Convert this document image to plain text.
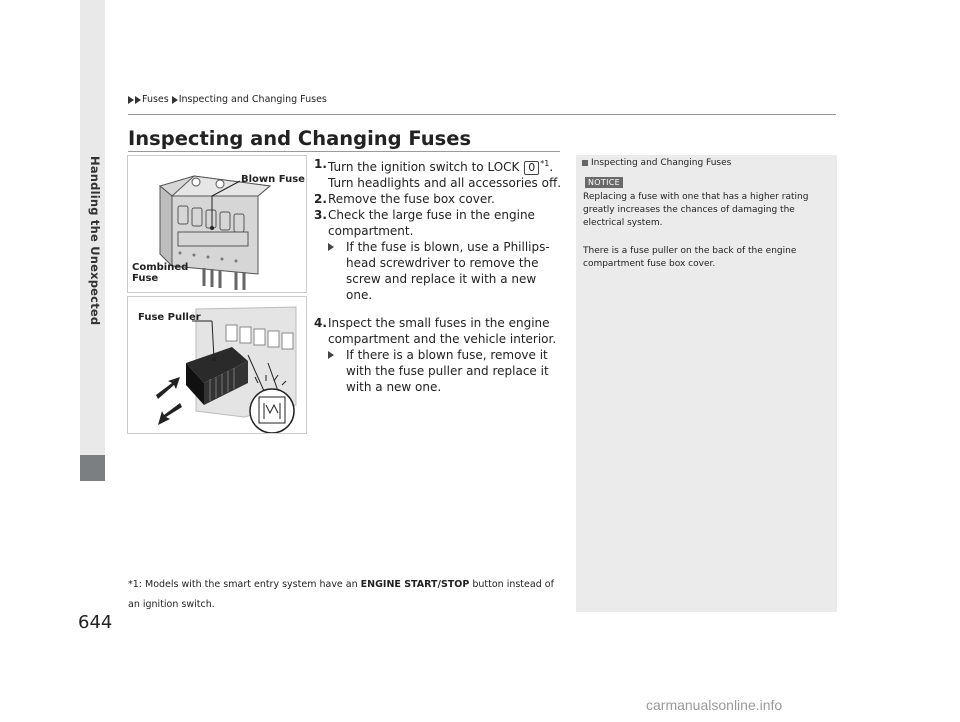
Handling the Unexpected
Fuses Inspecting and Changing Fuses
Inspecting and Changing Fuses
Blown Fuse
Combined
Fuse
Fuse Puller
1. Turn the ignition switch to LOCK 0 $^{*1}$. Turn headlights and all accessories off.
2. Remove the fuse box cover.
3. Check the large fuse in the engine compartment.
If the fuse is blown, use a Phillips-head screwdriver to remove the screw and replace it with a new one.
4. Inspect the small fuses in the engine compartment and the vehicle interior.
If there is a blown fuse, remove it with the fuse puller and replace it with a new one.
*1: Models with the smart entry system have an ENGINE START/STOP button instead of an ignition switch.
Inspecting and Changing Fuses
NOTICE
Replacing a fuse with one that has a higher rating greatly increases the chances of damaging the electrical system.
There is a fuse puller on the back of the engine compartment fuse box cover.
644
carmanualsonline.info
